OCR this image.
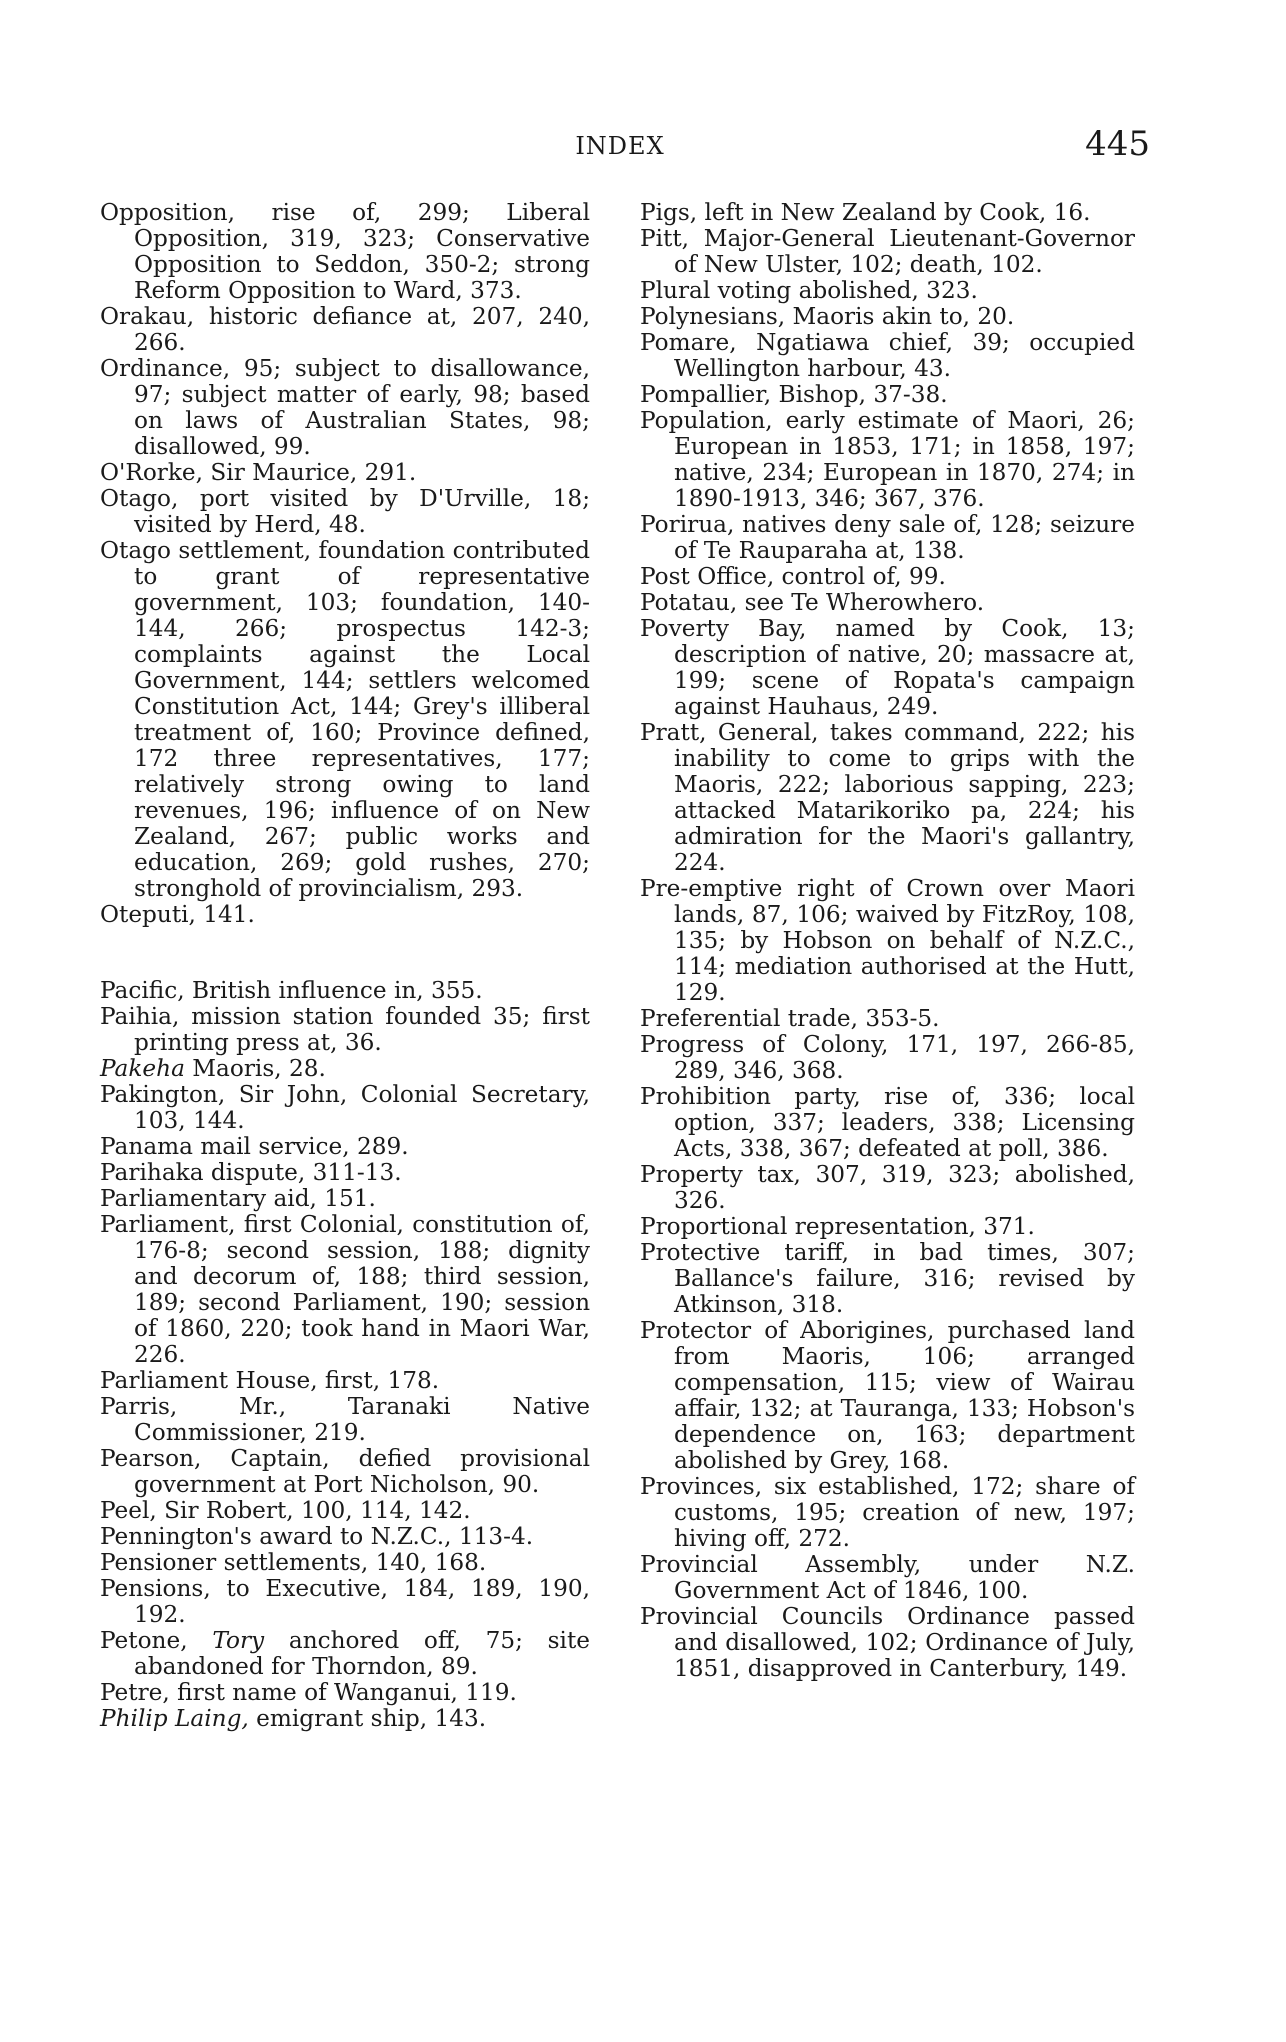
INDEX	445
Opposition, rise of, 299; Liberal Opposition, 319, 323; Conservative Opposition to Seddon, 350-2; strong Reform Opposition to Ward, 373.
Orakau, historic defiance at, 207, 240, 266.
Ordinance, 95; subject to disallowance, 97; subject matter of early, 98; based on laws of Australian States, 98; disallowed, 99.
O'Rorke, Sir Maurice, 291.
Otago, port visited by D'Urville, 18; visited by Herd, 48.
Otago settlement, foundation contributed to grant of representative government, 103; foundation, 140-144, 266; prospectus 142-3; complaints against the Local Government, 144; settlers welcomed Constitution Act, 144; Grey's illiberal treatment of, 160; Province defined, 172 three representatives, 177; relatively strong owing to land revenues, 196; influence of on New Zealand, 267; public works and education, 269; gold rushes, 270; stronghold of provincialism, 293.
Oteputi, 141.
Pacific, British influence in, 355.
Paihia, mission station founded 35; first printing press at, 36.
Pakeha Maoris, 28.
Pakington, Sir John, Colonial Secretary, 103, 144.
Panama mail service, 289.
Parihaka dispute, 311-13.
Parliamentary aid, 151.
Parliament, first Colonial, constitution of, 176-8; second session, 188; dignity and decorum of, 188; third session, 189; second Parliament, 190; session of 1860, 220; took hand in Maori War, 226.
Parliament House, first, 178.
Parris, Mr., Taranaki Native Commissioner, 219.
Pearson, Captain, defied provisional government at Port Nicholson, 90.
Peel, Sir Robert, 100, 114, 142.
Pennington's award to N.Z.C., 113-4.
Pensioner settlements, 140, 168.
Pensions, to Executive, 184, 189, 190, 192.
Petone, Tory anchored off, 75; site abandoned for Thorndon, 89.
Petre, first name of Wanganui, 119.
Philip Laing, emigrant ship, 143.
Pigs, left in New Zealand by Cook, 16.
Pitt, Major-General Lieutenant-Governor of New Ulster, 102; death, 102.
Plural voting abolished, 323.
Polynesians, Maoris akin to, 20.
Pomare, Ngatiawa chief, 39; occupied Wellington harbour, 43.
Pompallier, Bishop, 37-38.
Population, early estimate of Maori, 26; European in 1853, 171; in 1858, 197; native, 234; European in 1870, 274; in 1890-1913, 346; 367, 376.
Porirua, natives deny sale of, 128; seizure of Te Rauparaha at, 138.
Post Office, control of, 99.
Potatau, see Te Wherowhero.
Poverty Bay, named by Cook, 13; description of native, 20; massacre at, 199; scene of Ropata's campaign against Hauhaus, 249.
Pratt, General, takes command, 222; his inability to come to grips with the Maoris, 222; laborious sapping, 223; attacked Matarikoriko pa, 224; his admiration for the Maori's gallantry, 224.
Pre-emptive right of Crown over Maori lands, 87, 106; waived by FitzRoy, 108, 135; by Hobson on behalf of N.Z.C., 114; mediation authorised at the Hutt, 129.
Preferential trade, 353-5.
Progress of Colony, 171, 197, 266-85, 289, 346, 368.
Prohibition party, rise of, 336; local option, 337; leaders, 338; Licensing Acts, 338, 367; defeated at poll, 386.
Property tax, 307, 319, 323; abolished, 326.
Proportional representation, 371.
Protective tariff, in bad times, 307; Ballance's failure, 316; revised by Atkinson, 318.
Protector of Aborigines, purchased land from Maoris, 106; arranged compensation, 115; view of Wairau affair, 132; at Tauranga, 133; Hobson's dependence on, 163; department abolished by Grey, 168.
Provinces, six established, 172; share of customs, 195; creation of new, 197; hiving off, 272.
Provincial Assembly, under N.Z. Government Act of 1846, 100.
Provincial Councils Ordinance passed and disallowed, 102; Ordinance of July, 1851, disapproved in Canterbury, 149.
